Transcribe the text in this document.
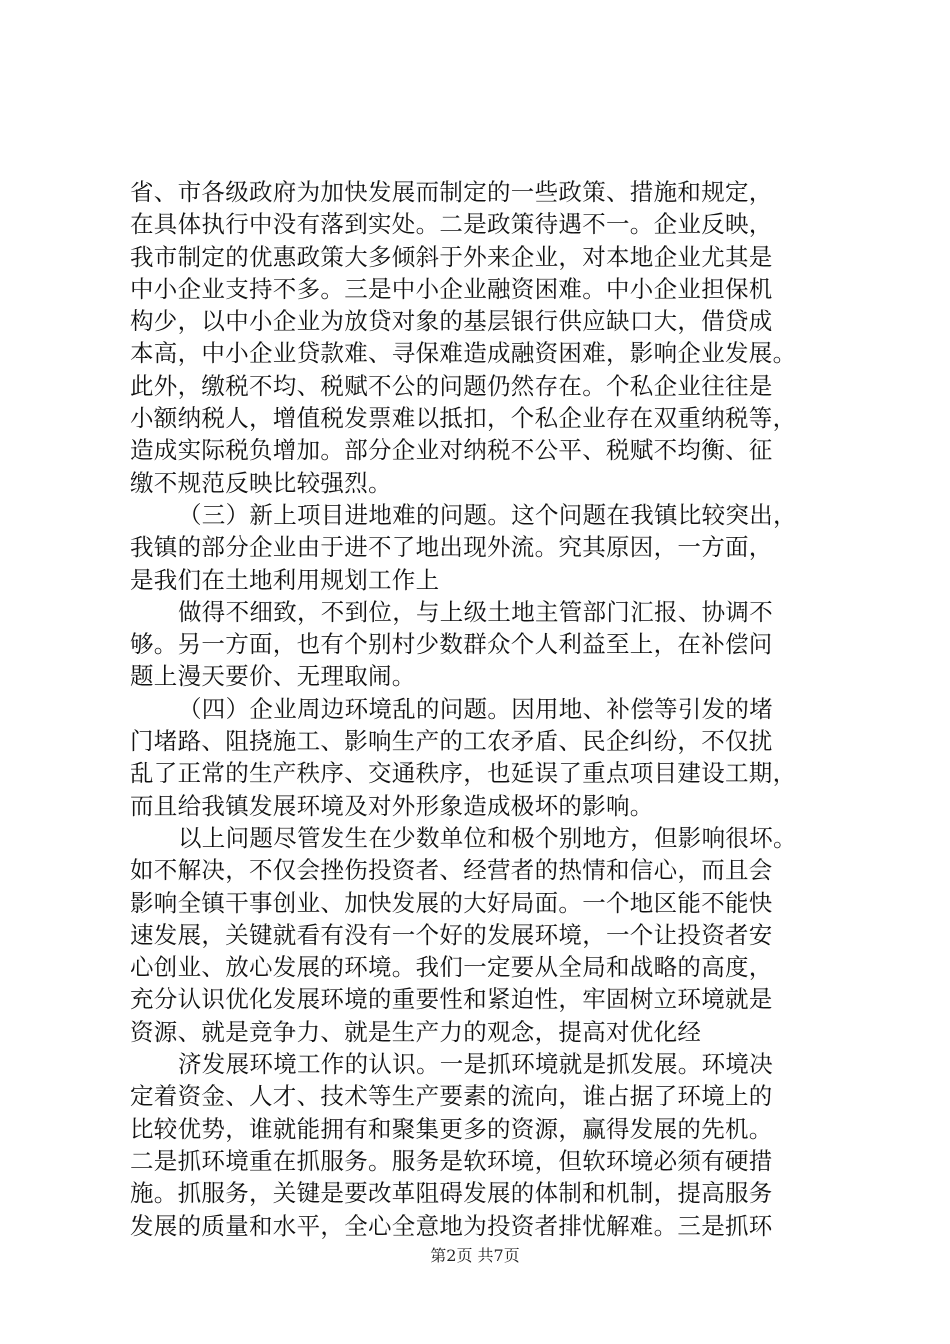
省、市各级政府为加快发展而制定的一些政策、措施和规定，
在具体执行中没有落到实处。二是政策待遇不一。企业反映，
我市制定的优惠政策大多倾斜于外来企业，对本地企业尤其是
中小企业支持不多。三是中小企业融资困难。中小企业担保机
构少，以中小企业为放贷对象的基层银行供应缺口大，借贷成
本高，中小企业贷款难、寻保难造成融资困难，影响企业发展。
此外，缴税不均、税赋不公的问题仍然存在。个私企业往往是
小额纳税人，增值税发票难以抵扣，个私企业存在双重纳税等，
造成实际税负增加。部分企业对纳税不公平、税赋不均衡、征
缴不规范反映比较强烈。
（三）新上项目进地难的问题。这个问题在我镇比较突出，
我镇的部分企业由于进不了地出现外流。究其原因，一方面，
是我们在土地利用规划工作上
做得不细致，不到位，与上级土地主管部门汇报、协调不
够。另一方面，也有个别村少数群众个人利益至上，在补偿问
题上漫天要价、无理取闹。
（四）企业周边环境乱的问题。因用地、补偿等引发的堵
门堵路、阻挠施工、影响生产的工农矛盾、民企纠纷，不仅扰
乱了正常的生产秩序、交通秩序，也延误了重点项目建设工期，
而且给我镇发展环境及对外形象造成极坏的影响。
以上问题尽管发生在少数单位和极个别地方，但影响很坏。
如不解决，不仅会挫伤投资者、经营者的热情和信心，而且会
影响全镇干事创业、加快发展的大好局面。一个地区能不能快
速发展，关键就看有没有一个好的发展环境，一个让投资者安
心创业、放心发展的环境。我们一定要从全局和战略的高度，
充分认识优化发展环境的重要性和紧迫性，牢固树立环境就是
资源、就是竞争力、就是生产力的观念，提高对优化经
济发展环境工作的认识。一是抓环境就是抓发展。环境决
定着资金、人才、技术等生产要素的流向，谁占据了环境上的
比较优势，谁就能拥有和聚集更多的资源，赢得发展的先机。
二是抓环境重在抓服务。服务是软环境，但软环境必须有硬措
施。抓服务，关键是要改革阻碍发展的体制和机制，提高服务
发展的质量和水平，全心全意地为投资者排忧解难。三是抓环
第2页 共7页
